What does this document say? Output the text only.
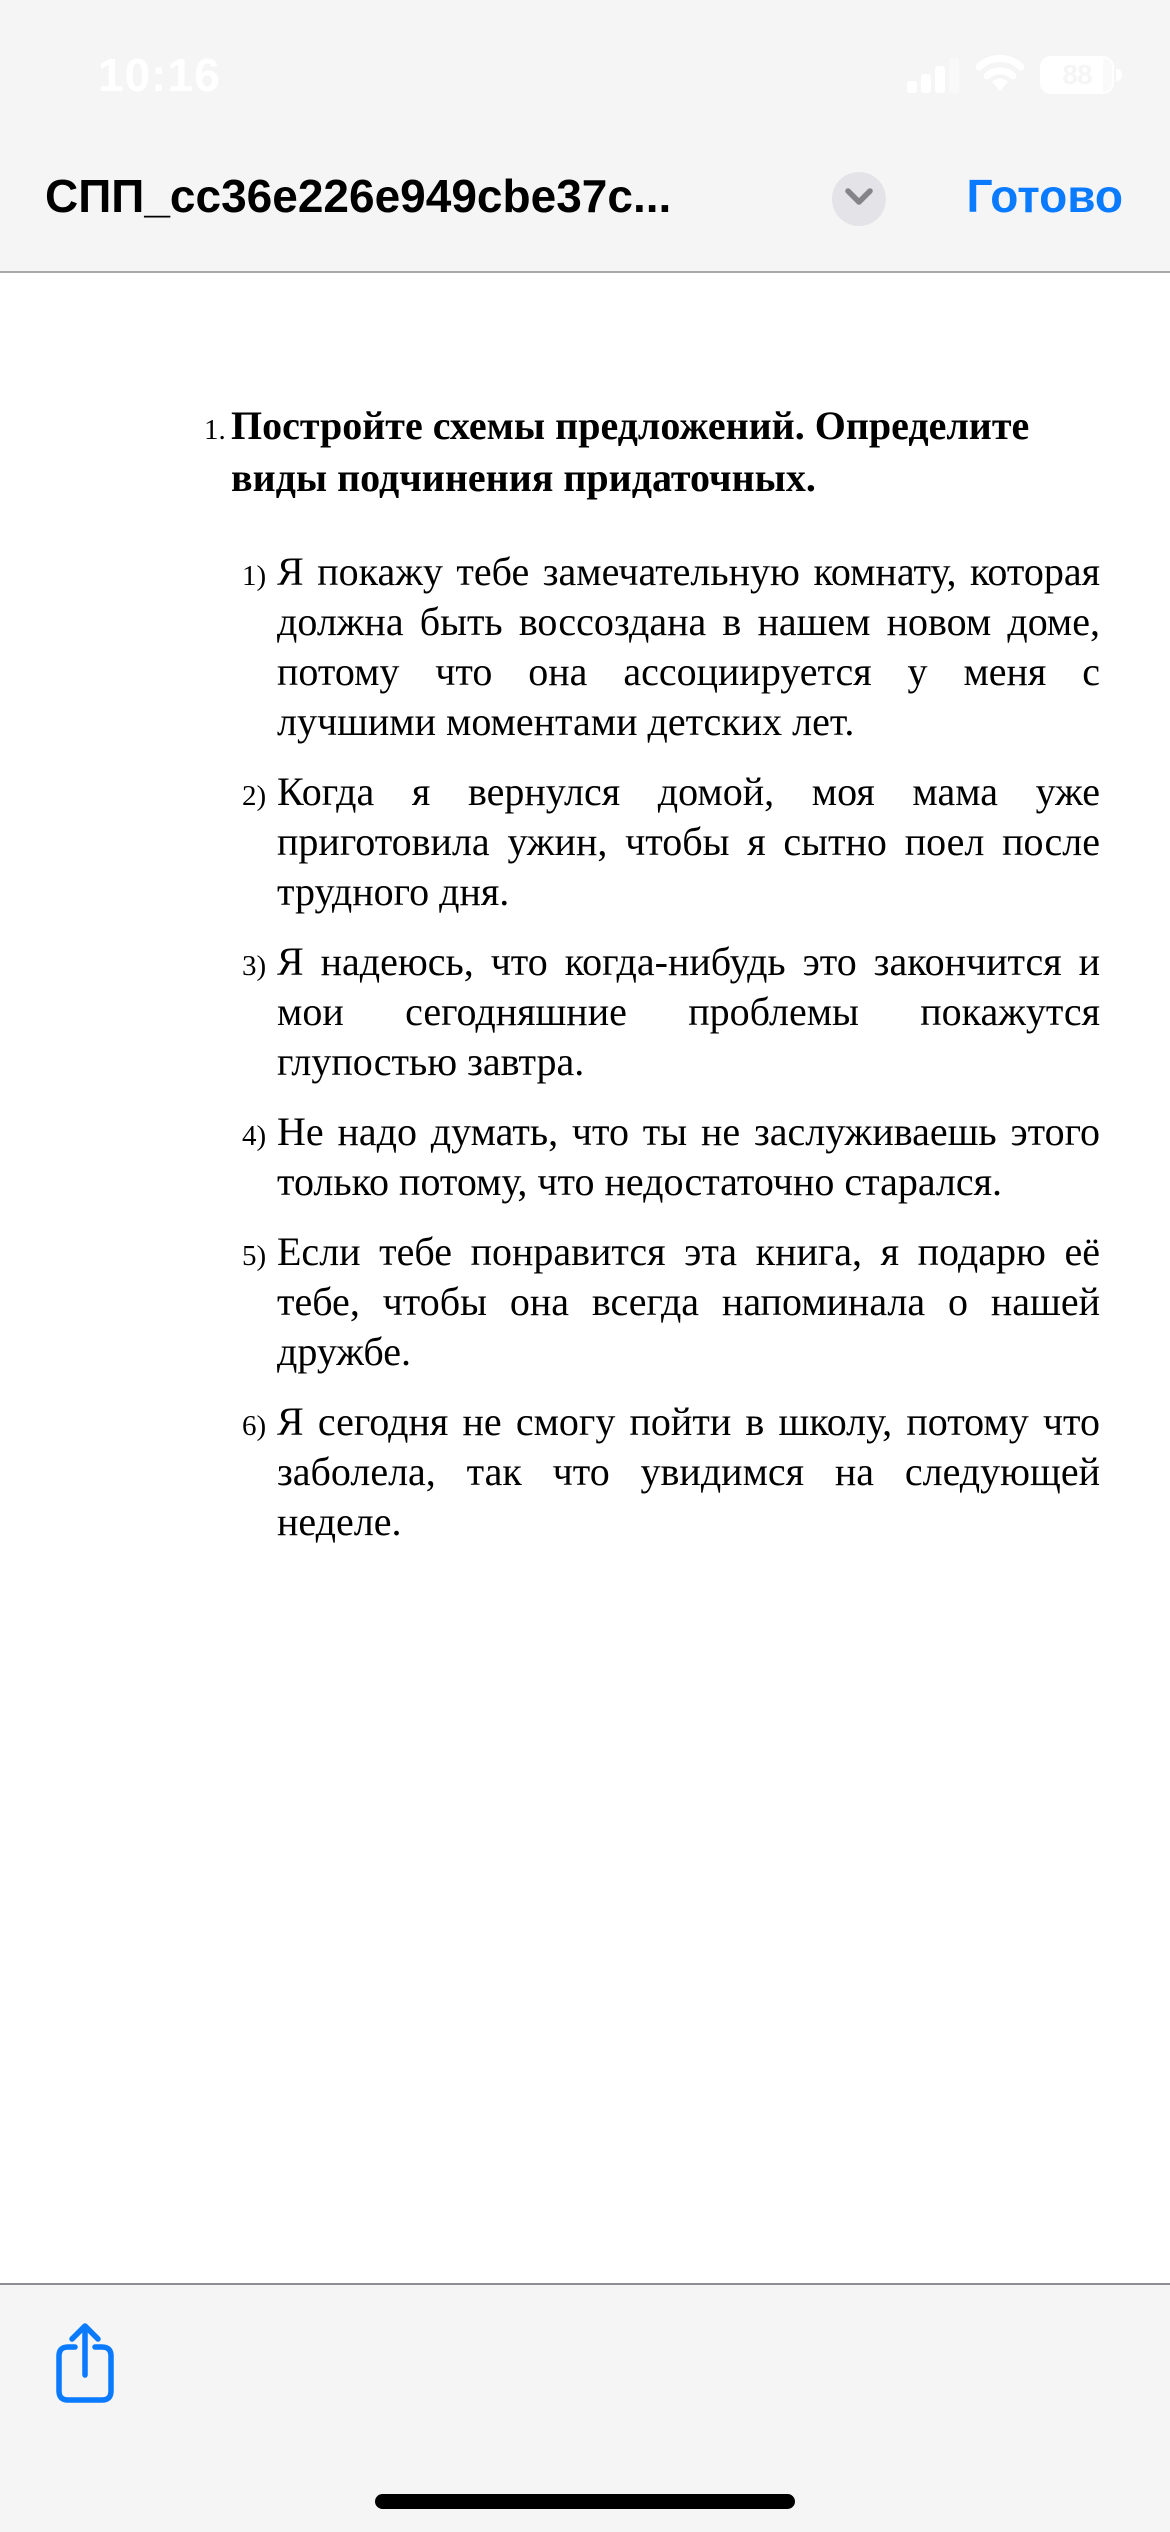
10:16	88
СПП_cc36e226e949cbe37c...	Готово
1. Постройте схемы предложений. Определите виды подчинения придаточных.
1) Я покажу тебе замечательную комнату, которая должна быть воссоздана в нашем новом доме, потому что она ассоциируется у меня с лучшими моментами детских лет.
2) Когда я вернулся домой, моя мама уже приготовила ужин, чтобы я сытно поел после трудного дня.
3) Я надеюсь, что когда-нибудь это закончится и мои сегодняшние проблемы покажутся глупостью завтра.
4) Не надо думать, что ты не заслуживаешь этого только потому, что недостаточно старался.
5) Если тебе понравится эта книга, я подарю её тебе, чтобы она всегда напоминала о нашей дружбе.
6) Я сегодня не смогу пойти в школу, потому что заболела, так что увидимся на следующей неделе.
